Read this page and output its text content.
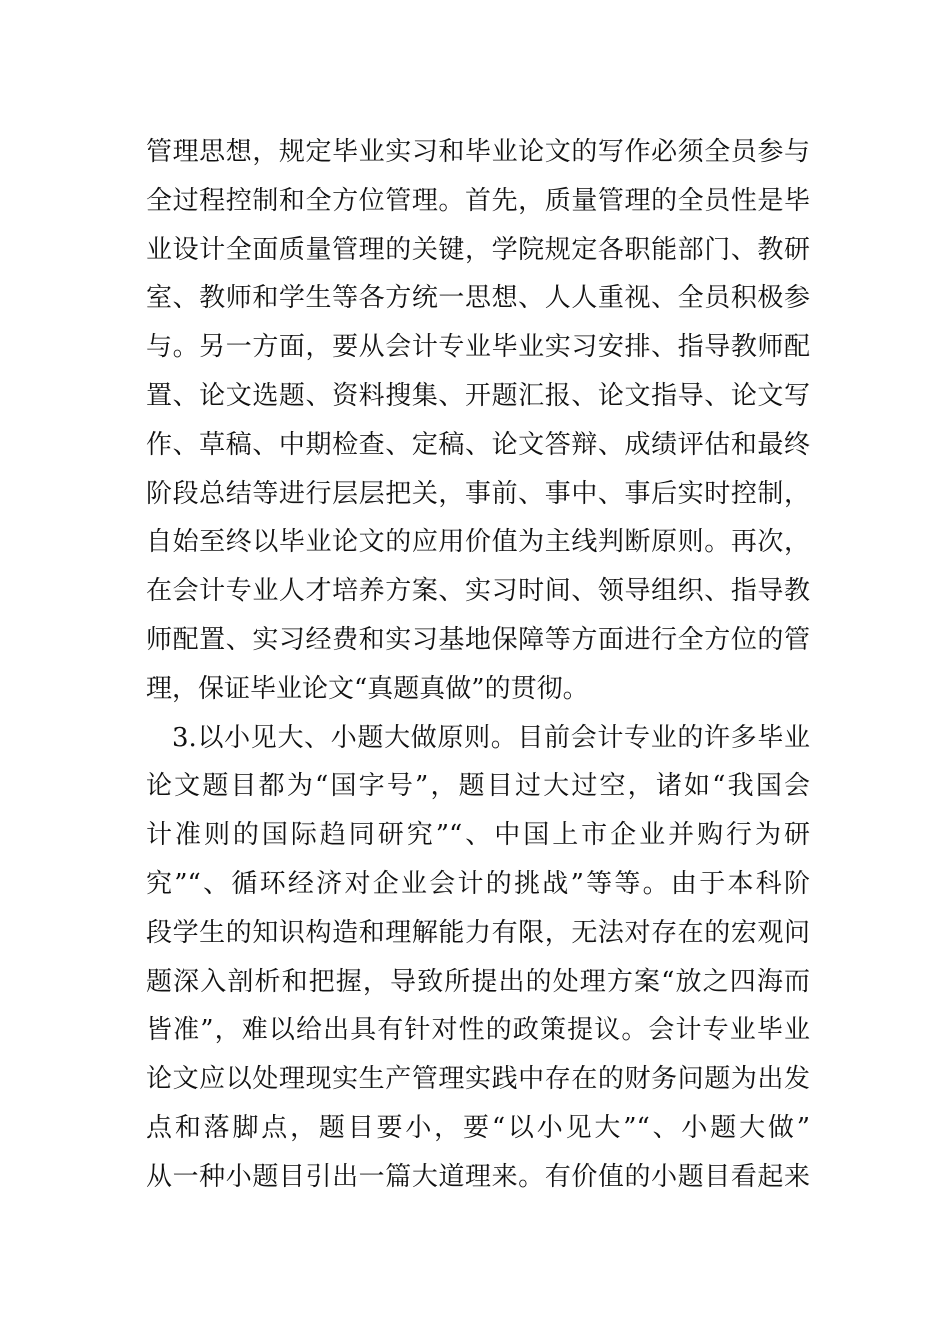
管理思想，规定毕业实习和毕业论文的写作必须全员参与
全过程控制和全方位管理。首先，质量管理的全员性是毕
业设计全面质量管理的关键，学院规定各职能部门、教研
室、教师和学生等各方统一思想、人人重视、全员积极参
与。另一方面，要从会计专业毕业实习安排、指导教师配
置、论文选题、资料搜集、开题汇报、论文指导、论文写
作、草稿、中期检查、定稿、论文答辩、成绩评估和最终
阶段总结等进行层层把关，事前、事中、事后实时控制，
自始至终以毕业论文的应用价值为主线判断原则。再次，
在会计专业人才培养方案、实习时间、领导组织、指导教
师配置、实习经费和实习基地保障等方面进行全方位的管
理，保证毕业论文“真题真做”的贯彻。
3.以小见大、小题大做原则。目前会计专业的许多毕业
论文题目都为“国字号”，题目过大过空，诸如“我国会
计准则的国际趋同研究”“、中国上市企业并购行为研
究”“、循环经济对企业会计的挑战”等等。由于本科阶
段学生的知识构造和理解能力有限，无法对存在的宏观问
题深入剖析和把握，导致所提出的处理方案“放之四海而
皆准”，难以给出具有针对性的政策提议。会计专业毕业
论文应以处理现实生产管理实践中存在的财务问题为出发
点和落脚点，题目要小，要“以小见大”“、小题大做”
从一种小题目引出一篇大道理来。有价值的小题目看起来
